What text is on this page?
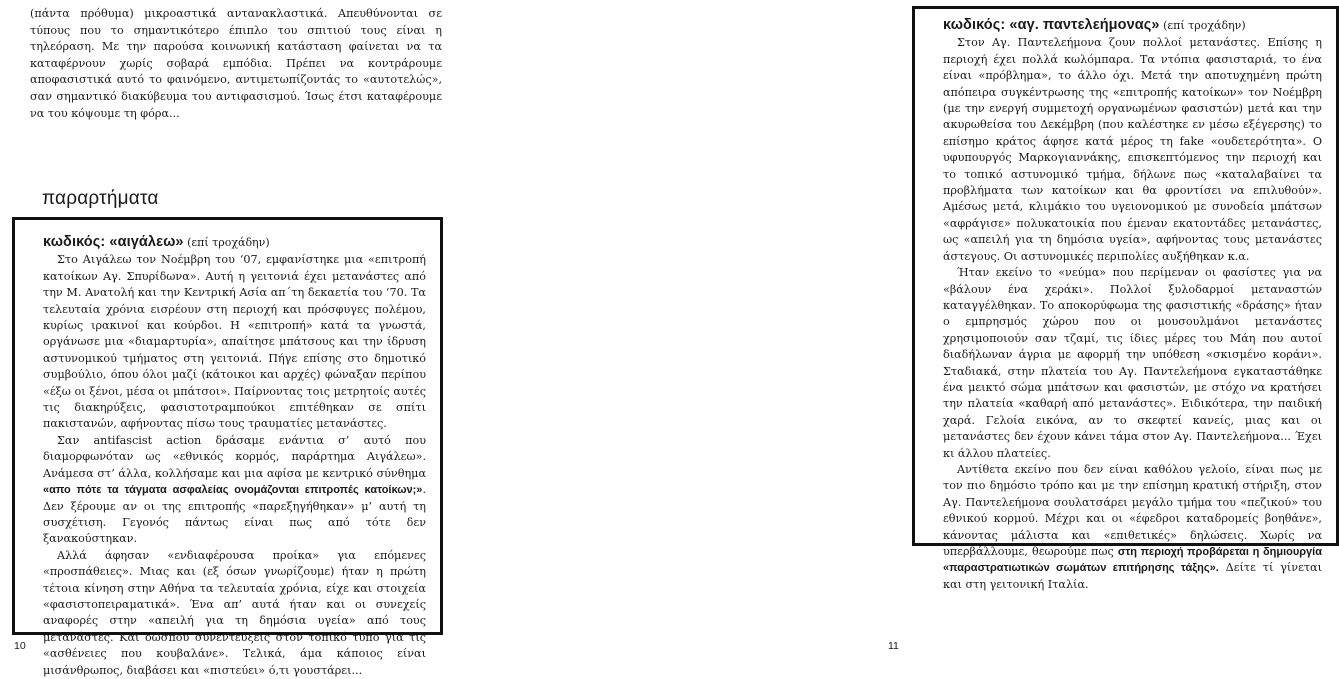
(πάντα πρόθυμα) μικροαστικά αντανακλαστικά. Απευθύνονται σε τύπους που το σημαντικότερο έπιπλο του σπιτιού τους είναι η τηλεόραση. Με την παρούσα κοινωνική κατάσταση φαίνεται να τα καταφέρνουν χωρίς σοβαρά εμπόδια. Πρέπει να κοντράρουμε αποφασιστικά αυτό το φαινόμενο, αντιμετωπίζοντάς το «αυτοτελώς», σαν σημαντικό διακύβευμα του αντιφασισμού. Ίσως έτσι καταφέρουμε να του κόψουμε τη φόρα...

παραρτήματα

κωδικός: «αιγάλεω» (επί τροχάδην)

Στο Αιγάλεω τον Νοέμβρη του ‘07, εμφανίστηκε μια «επιτροπή κατοίκων Αγ. Σπυρίδωνα». Αυτή η γειτονιά έχει μετανάστες από την Μ. Ανατολή και την Κεντρική Ασία απ΄τη δεκαετία του ‘70. Τα τελευταία χρόνια εισρέουν στη περιοχή και πρόσφυγες πολέμου, κυρίως ιρακινοί και κούρδοι. Η «επιτροπή» κατά τα γνωστά, οργάνωσε μια «διαμαρτυρία», απαίτησε μπάτσους και την ίδρυση αστυνομικού τμήματος στη γειτονιά. Πήγε επίσης στο δημοτικό συμβούλιο, όπου όλοι μαζί (κάτοικοι και αρχές) φώναξαν περίπου «έξω οι ξένοι, μέσα οι μπάτσοι». Παίρνοντας τοις μετρητοίς αυτές τις διακηρύξεις, φασιστοτραμπούκοι επιτέθηκαν σε σπίτι πακιστανών, αφήνοντας πίσω τους τραυματίες μετανάστες.

Σαν antifascist action δράσαμε ενάντια σ’ αυτό που διαμορφωνόταν ως «εθνικός κορμός, παράρτημα Αιγάλεω». Ανάμεσα στ’ άλλα, κολλήσαμε και μια αφίσα με κεντρικό σύνθημα «απο πότε τα τάγματα ασφαλείας ονομάζονται επιτροπές κατοίκων;». Δεν ξέρουμε αν οι της επιτροπής «παρεξηγήθηκαν» μ’ αυτή τη συσχέτιση. Γεγονός πάντως είναι πως από τότε δεν ξανακούστηκαν.

Αλλά άφησαν «ενδιαφέρουσα προίκα» για επόμενες «προσπάθειες». Μιας και (εξ όσων γνωρίζουμε) ήταν η πρώτη τέτοια κίνηση στην Αθήνα τα τελευταία χρόνια, είχε και στοιχεία «φασιστοπειραματικά». Ένα απ’ αυτά ήταν και οι συνεχείς αναφορές στην «απειλή για τη δημόσια υγεία» από τους μετανάστες. Και δώσπου συνεντεύξεις στον τοπικό τύπο για τις «ασθένειες που κουβαλάνε». Τελικά, άμα κάποιος είναι μισάνθρωπος, διαβάσει και «πιστεύει» ό,τι γουστάρει...

10

κωδικός: «αγ. παντελεήμονας» (επί τροχάδην)

Στον Αγ. Παντελεήμονα ζουν πολλοί μετανάστες. Επίσης η περιοχή έχει πολλά κωλόμπαρα. Τα ντόπια φασισταριά, το ένα είναι «πρόβλημα», το άλλο όχι. Μετά την αποτυχημένη πρώτη απόπειρα συγκέντρωσης της «επιτροπής κατοίκων» τον Νοέμβρη (με την ενεργή συμμετοχή οργανωμένων φασιστών) μετά και την ακυρωθείσα του Δεκέμβρη (που καλέστηκε εν μέσω εξέγερσης) το επίσημο κράτος άφησε κατά μέρος τη fake «ουδετερότητα». Ο υφυπουργός Μαρκογιαννάκης, επισκεπτόμενος την περιοχή και το τοπικό αστυνομικό τμήμα, δήλωνε πως «καταλαβαίνει τα προβλήματα των κατοίκων και θα φροντίσει να επιλυθούν». Αμέσως μετά, κλιμάκιο του υγειονομικού με συνοδεία μπάτσων «αφράγισε» πολυκατοικία που έμεναν εκατοντάδες μετανάστες, ως «απειλή για τη δημόσια υγεία», αφήνοντας τους μετανάστες άστεγους. Οι αστυνομικές περιπολίες αυξήθηκαν κ.α.

Ήταν εκείνο το «νεύμα» που περίμεναν οι φασίστες για να «βάλουν ένα χεράκι». Πολλοί ξυλοδαρμοί μεταναστών καταγγέλθηκαν. Το αποκορύφωμα της φασιστικής «δράσης» ήταν ο εμπρησμός χώρου που οι μουσουλμάνοι μετανάστες χρησιμοποιούν σαν τζαμί, τις ίδιες μέρες του Μάη που αυτοί διαδήλωναν άγρια με αφορμή την υπόθεση «σκισμένο κοράνι». Σταδιακά, στην πλατεία του Αγ. Παντελεήμονα εγκαταστάθηκε ένα μεικτό σώμα μπάτσων και φασιστών, με στόχο να κρατήσει την πλατεία «καθαρή από μετανάστες». Ειδικότερα, την παιδική χαρά. Γελοία εικόνα, αν το σκεφτεί κανείς, μιας και οι μετανάστες δεν έχουν κάνει τάμα στον Αγ. Παντελεήμονα... Έχει κι άλλου πλατείες.

Αντίθετα εκείνο που δεν είναι καθόλου γελοίο, είναι πως με τον πιο δημόσιο τρόπο και με την επίσημη κρατική στήριξη, στον Αγ. Παντελεήμονα σουλατσάρει μεγάλο τμήμα του «πεζικού» του εθνικού κορμού. Μέχρι και οι «έφεδροι καταδρομείς βοηθάνε», κάνοντας μάλιστα και «επιθετικές» δηλώσεις. Χωρίς να υπερβάλλουμε, θεωρούμε πως στη περιοχή προβάρεται η δημιουργία «παραστρατιωτικών σωμάτων επιτήρησης τάξης». Δείτε τί γίνεται και στη γειτονική Ιταλία.

11
